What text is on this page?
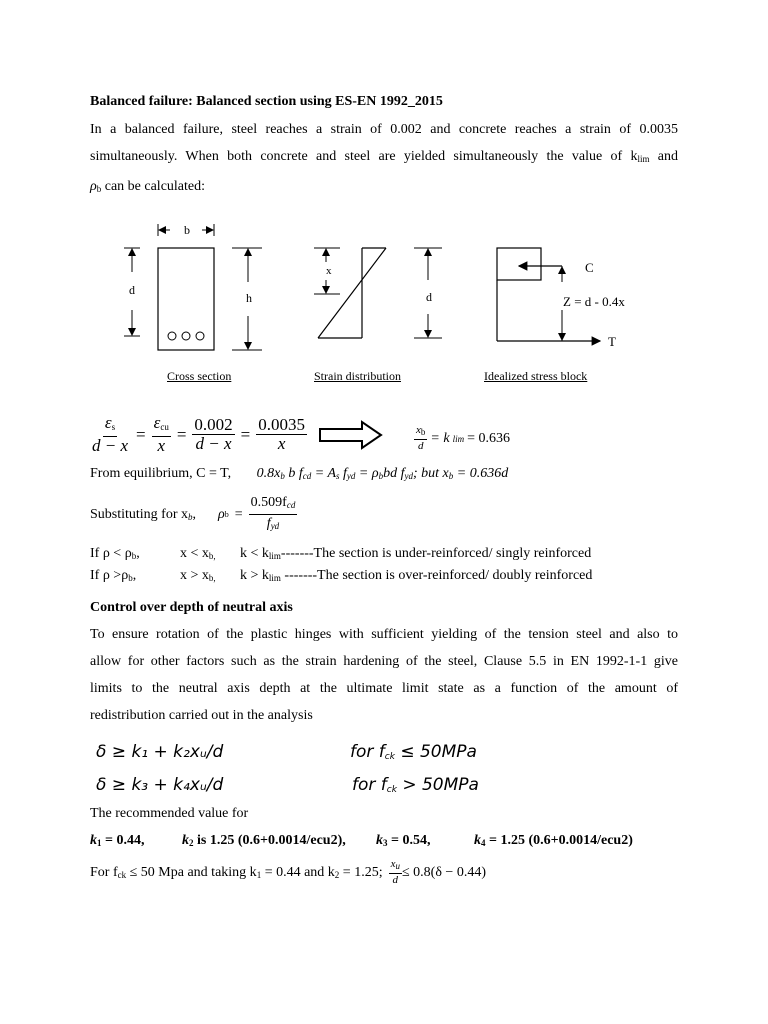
Balanced failure: Balanced section using ES-EN 1992_2015
In a balanced failure, steel reaches a strain of 0.002 and concrete reaches a strain of 0.0035
simultaneously. When both concrete and steel are yielded simultaneously the value of $k_{lim}$ and
$\rho_b$ can be calculated:
b
d
h
x
d
C
Z = d - 0.4x
T
Cross section	Strain distribution	Idealized stress block
$\frac{\varepsilon_s}{d - x} = \frac{\varepsilon_{cu}}{x} = \frac{0.002}{d - x} = \frac{0.0035}{x}$	$\frac{x_b}{d} = k$ lim = 0.636
From equilibrium, C = T, $0.8x_b$ b $f_{cd} = A_s$ $f_{yd} = \rho_bbd$ $f_{yd}$; but $x_b = 0.636d$
Substituting for $x_b$, ρ $b = \frac{0.509f_{cd}}{f_{yd}}$
If $\rho < \rho_b$,	$x < x_{b,}$ $k < k_{lim}------$-The section is under-reinforced/ singly reinforced
If $\rho >\rho_b$,	$x > x_{b,}$ $k > k_{lim}$ -------The section is over-reinforced/ doubly reinforced
Control over depth of neutral axis
To ensure rotation of the plastic hinges with sufficient yielding of the tension steel and also to
allow for other factors such as the strain hardening of the steel, Clause 5.5 in EN 1992-1-1 give
limits to the neutral axis depth at the ultimate limit state as a function of the amount of
redistribution carried out in the analysis
δ ≥ k₁ + k₂xᵤ/d	for $f_{ck} \le 50MPa$
δ ≥ k₃ + k₄xᵤ/d	for $f_{ck} > 50MPa$
The recommended value for
$k_1 = 0.44$,	$k_2$ is 1.25 (0.6+0.0014/ecu2), $k_3 = 0.54$,	$k_4 = 1.25$ (0.6+0.0014/ecu2)
For $f_{ck} \le 50$ Mpa and taking $k_1 = 0.44$ and $k_2 = 1.25$; $\frac{x_u}{d} \le 0.8(\delta - 0.44)$
